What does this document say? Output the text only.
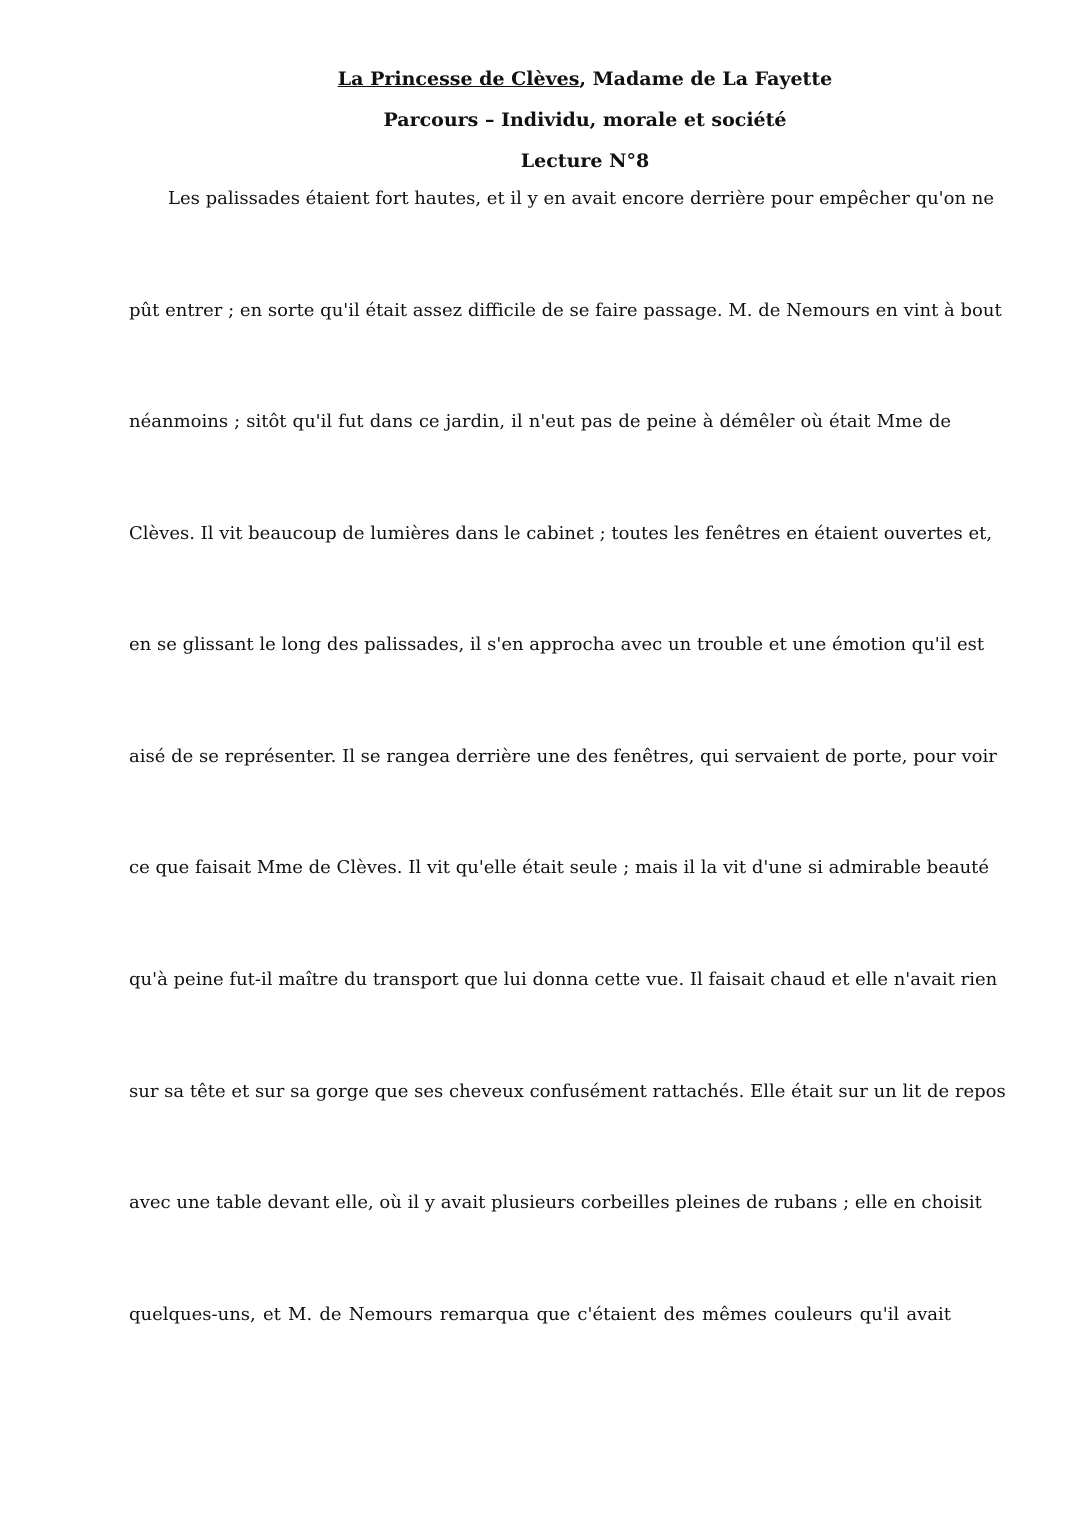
La Princesse de Clèves, Madame de La Fayette
Parcours – Individu, morale et société
Lecture N°8
Les palissades étaient fort hautes, et il y en avait encore derrière pour empêcher qu'on ne
pût entrer ; en sorte qu'il était assez difficile de se faire passage. M. de Nemours en vint à bout
néanmoins ; sitôt qu'il fut dans ce jardin, il n'eut pas de peine à démêler où était Mme de
Clèves. Il vit beaucoup de lumières dans le cabinet ; toutes les fenêtres en étaient ouvertes et,
en se glissant le long des palissades, il s'en approcha avec un trouble et une émotion qu'il est
aisé de se représenter. Il se rangea derrière une des fenêtres, qui servaient de porte, pour voir
ce que faisait Mme de Clèves. Il vit qu'elle était seule ; mais il la vit d'une si admirable beauté
qu'à peine fut-il maître du transport que lui donna cette vue. Il faisait chaud et elle n'avait rien
sur sa tête et sur sa gorge que ses cheveux confusément rattachés. Elle était sur un lit de repos
avec une table devant elle, où il y avait plusieurs corbeilles pleines de rubans ; elle en choisit
quelques-uns, et M. de Nemours remarqua que c'étaient des mêmes couleurs qu'il avait
